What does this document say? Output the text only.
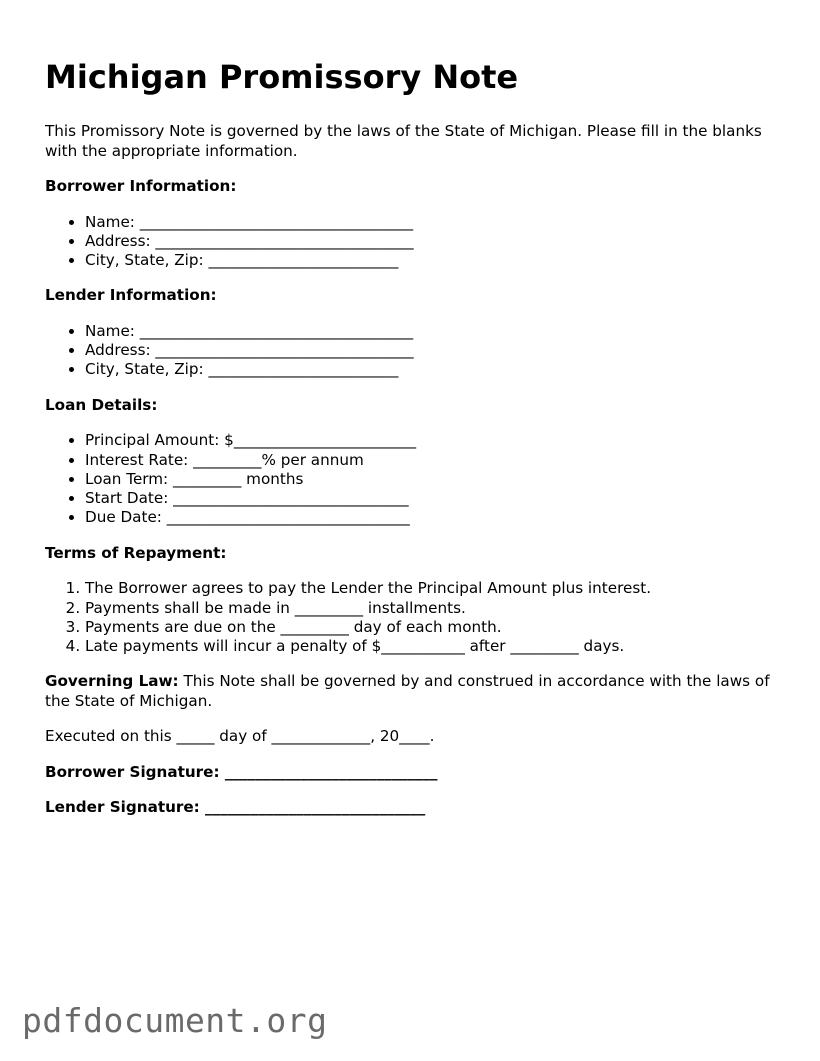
Michigan Promissory Note

This Promissory Note is governed by the laws of the State of Michigan. Please fill in the blanks with the appropriate information.

Borrower Information:

• Name: ____________________________________
• Address: __________________________________
• City, State, Zip: _________________________

Lender Information:

• Name: ____________________________________
• Address: __________________________________
• City, State, Zip: _________________________

Loan Details:

• Principal Amount: $________________________
• Interest Rate: _________% per annum
• Loan Term: _________ months
• Start Date: _______________________________
• Due Date: ________________________________

Terms of Repayment:

1. The Borrower agrees to pay the Lender the Principal Amount plus interest.
2. Payments shall be made in _________ installments.
3. Payments are due on the _________ day of each month.
4. Late payments will incur a penalty of $___________ after _________ days.

Governing Law: This Note shall be governed by and construed in accordance with the laws of the State of Michigan.

Executed on this _____ day of _____________, 20____.

Borrower Signature: ____________________________

Lender Signature: _____________________________

pdfdocument.org
